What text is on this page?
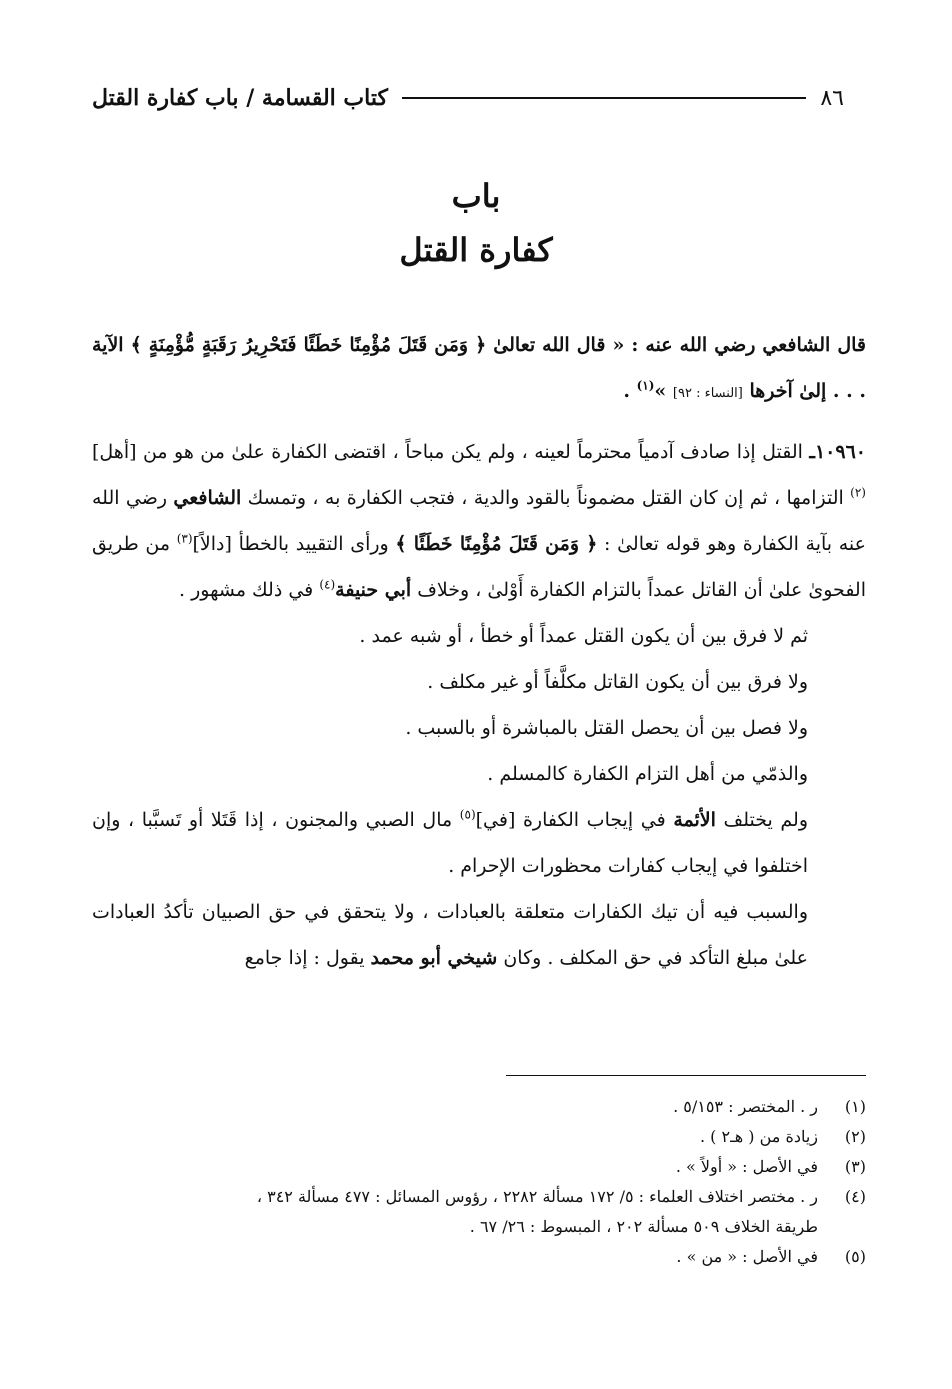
٨٦
كتاب القسامة / باب كفارة القتل
باب
كفارة القتل

قال الشافعي رضي الله عنه : « قال الله تعالىٰ ﴿ وَمَن قَتَلَ مُؤْمِنًا خَطَئًا فَتَحْرِيرُ رَقَبَةٍ مُّؤْمِنَةٍ ﴾ الآية . . . إلىٰ آخرها [النساء : ٩٢] »$^{(١)}$ .

١٠٩٦٠ـ القتل إذا صادف آدمياً محترماً لعينه ، ولم يكن مباحاً ، اقتضى الكفارة علىٰ من هو من [أهل]$^{(٢)}$ التزامها ، ثم إن كان القتل مضموناً بالقود والدية ، فتجب الكفارة به ، وتمسك الشافعي رضي الله عنه بآية الكفارة وهو قوله تعالىٰ : ﴿ وَمَن قَتَلَ مُؤْمِنًا خَطَئًا ﴾ ورأى التقييد بالخطأ [دالاً]$^{(٣)}$ من طريق الفحوىٰ علىٰ أن القاتل عمداً بالتزام الكفارة أَوْلىٰ ، وخلاف أبي حنيفة$^{(٤)}$ في ذلك مشهور .

ثم لا فرق بين أن يكون القتل عمداً أو خطأ ، أو شبه عمد .

ولا فرق بين أن يكون القاتل مكلَّفاً أو غير مكلف .

ولا فصل بين أن يحصل القتل بالمباشرة أو بالسبب .

والذمّي من أهل التزام الكفارة كالمسلم .

ولم يختلف الأئمة في إيجاب الكفارة [في]$^{(٥)}$ مال الصبي والمجنون ، إذا قَتَلا أو تَسبَّبا ، وإن اختلفوا في إيجاب كفارات محظورات الإحرام .

والسبب فيه أن تيك الكفارات متعلقة بالعبادات ، ولا يتحقق في حق الصبيان تأكدُ العبادات علىٰ مبلغ التأكد في حق المكلف . وكان شيخي أبو محمد يقول : إذا جامع

(١)
ر . المختصر : ٥/١٥٣ .
(٢)
زيادة من ( هـ٢ ) .
(٣)
في الأصل : « أولاً » .
(٤)
ر . مختصر اختلاف العلماء : ٥/ ١٧٢ مسألة ٢٢٨٢ ، رؤوس المسائل : ٤٧٧ مسألة ٣٤٢ ،
طريقة الخلاف ٥٠٩ مسألة ٢٠٢ ، المبسوط : ٢٦/ ٦٧ .
(٥)
في الأصل : « من » .
